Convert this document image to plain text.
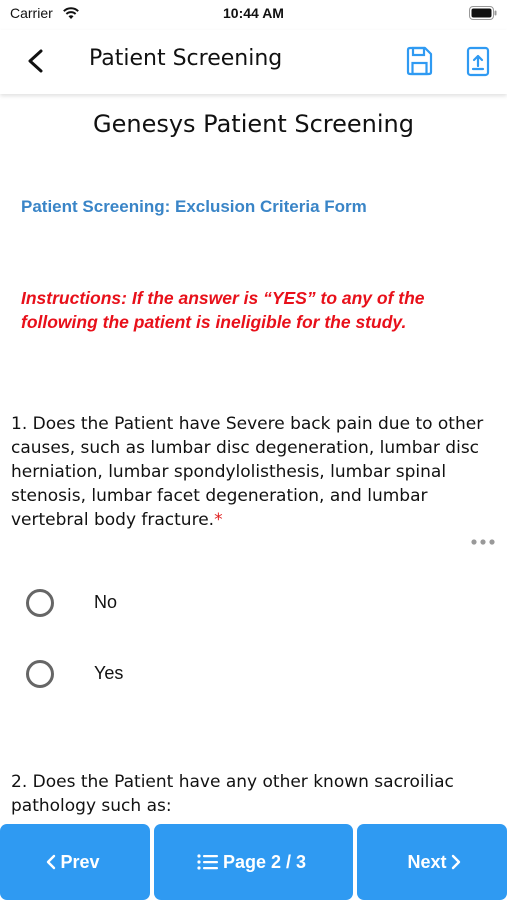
Carrier	10:44 AM
Patient Screening
Genesys Patient Screening
Patient Screening: Exclusion Criteria Form
Instructions: If the answer is “YES” to any of the following the patient is ineligible for the study.
1. Does the Patient have Severe back pain due to other causes, such as lumbar disc degeneration, lumbar disc herniation, lumbar spondylolisthesis, lumbar spinal stenosis, lumbar facet degeneration, and lumbar vertebral body fracture.*
No
Yes
2. Does the Patient have any other known sacroiliac pathology such as:
Prev	Page 2 / 3	Next
